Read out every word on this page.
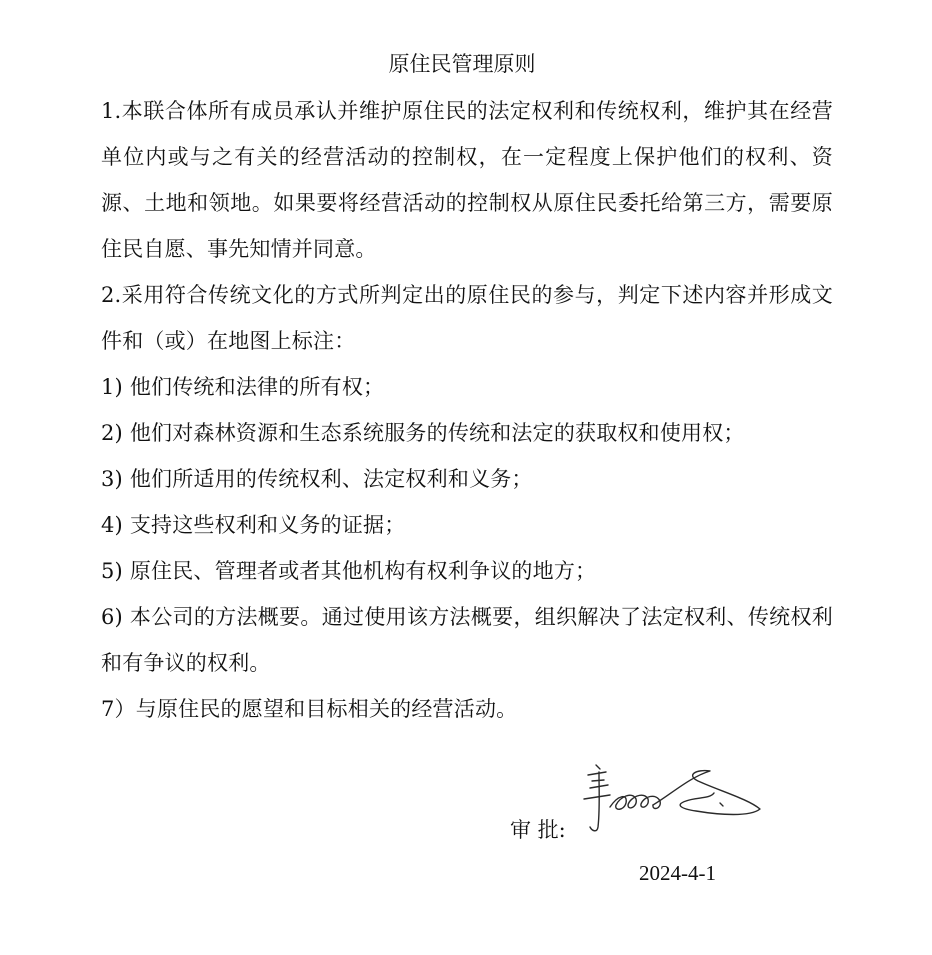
原住民管理原则

1.本联合体所有成员承认并维护原住民的法定权利和传统权利，维护其在经营单位内或与之有关的经营活动的控制权，在一定程度上保护他们的权利、资源、土地和领地。如果要将经营活动的控制权从原住民委托给第三方，需要原住民自愿、事先知情并同意。

2.采用符合传统文化的方式所判定出的原住民的参与，判定下述内容并形成文件和（或）在地图上标注：

1) 他们传统和法律的所有权；

2) 他们对森林资源和生态系统服务的传统和法定的获取权和使用权；

3) 他们所适用的传统权利、法定权利和义务；

4) 支持这些权利和义务的证据；

5) 原住民、管理者或者其他机构有权利争议的地方；

6) 本公司的方法概要。通过使用该方法概要，组织解决了法定权利、传统权利和有争议的权利。

7）与原住民的愿望和目标相关的经营活动。

审 批:
2024-4-1
